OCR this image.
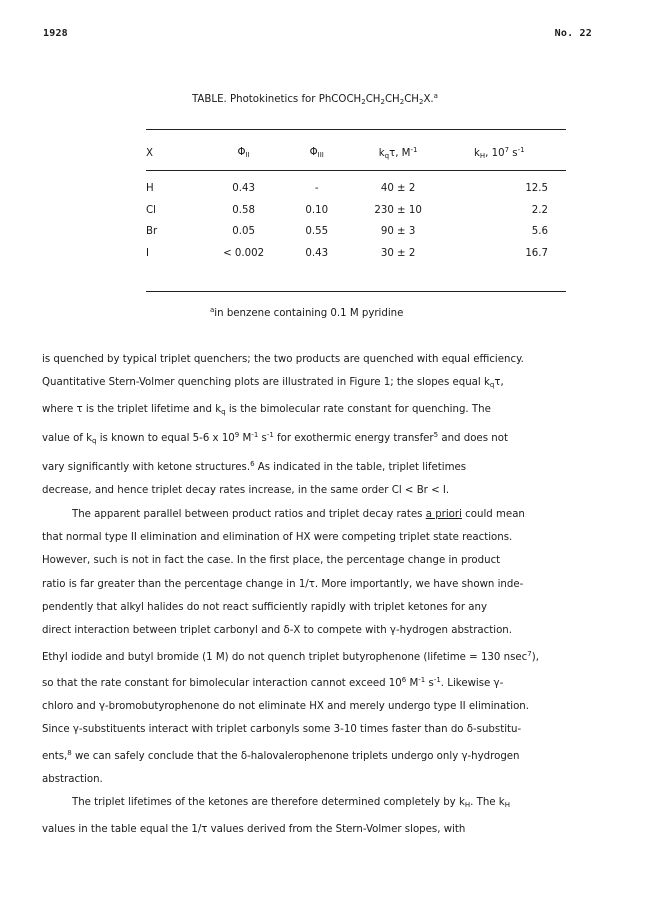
1928	No. 22
TABLE. Photokinetics for $PhCOCH_2CH_2CH_2CH_2X.^a$
X	$\Phi_{II}$	$\Phi_{III}$	$k_q\tau$, $M^{-1}$	$k_H$, $10^7$ $s^{-1}$

H	0.43	-	40 ± 2	12.5
Cl	0.58	0.10	230 ± 10	2.2
Br	0.05	0.55	90 ± 3	5.6
I	< 0.002	0.43	30 ± 2	16.7
$^a$in benzene containing 0.1 M pyridine
is quenched by typical triplet quenchers; the two products are quenched with equal efficiency.
Quantitative Stern-Volmer quenching plots are illustrated in Figure 1; the slopes equal $k_q\tau$,
where τ is the triplet lifetime and $k_q$ is the bimolecular rate constant for quenching. The
value of $k_q$ is known to equal 5-6 x $10^9$ $M^{-1}$ $s^{-1}$ for exothermic energy transfer$^5$ and does not
vary significantly with ketone structures.$^6$ As indicated in the table, triplet lifetimes
decrease, and hence triplet decay rates increase, in the same order Cl < Br < I.
The apparent parallel between product ratios and triplet decay rates a priori could mean
that normal type II elimination and elimination of HX were competing triplet state reactions.
However, such is not in fact the case. In the first place, the percentage change in product
ratio is far greater than the percentage change in 1/τ. More importantly, we have shown inde-
pendently that alkyl halides do not react sufficiently rapidly with triplet ketones for any
direct interaction between triplet carbonyl and δ-X to compete with γ-hydrogen abstraction.
Ethyl iodide and butyl bromide (1 M) do not quench triplet butyrophenone (lifetime = 130 nsec$^7$),
so that the rate constant for bimolecular interaction cannot exceed $10^6$ $M^{-1}$ $s^{-1}$. Likewise γ-
chloro and γ-bromobutyrophenone do not eliminate HX and merely undergo type II elimination.
Since γ-substituents interact with triplet carbonyls some 3-10 times faster than do δ-substitu-
ents,$^8$ we can safely conclude that the δ-halovalerophenone triplets undergo only γ-hydrogen
abstraction.
The triplet lifetimes of the ketones are therefore determined completely by $k_H$. The $k_H$
values in the table equal the 1/τ values derived from the Stern-Volmer slopes, with
